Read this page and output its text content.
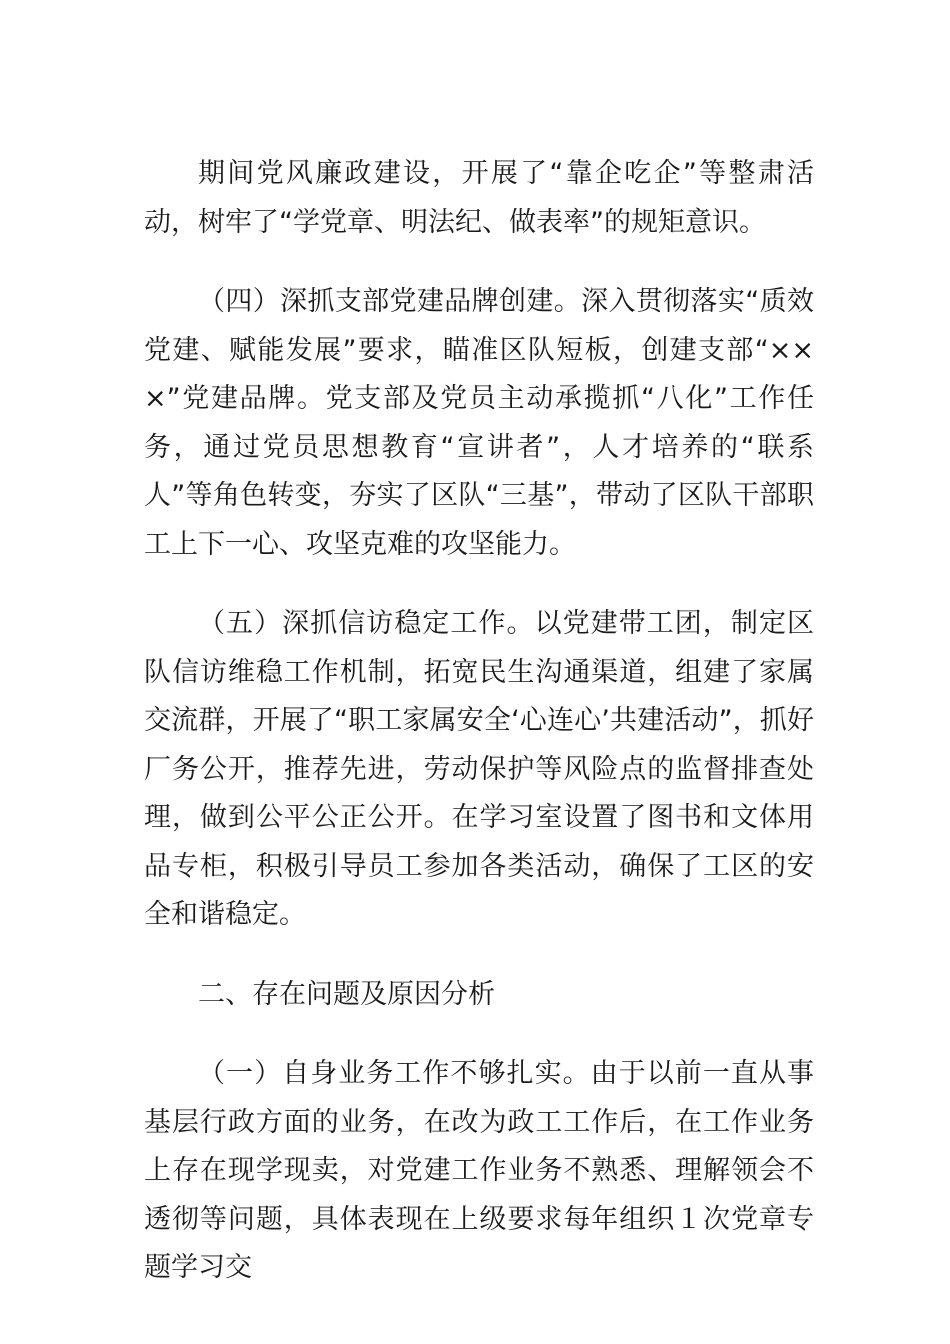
期间党风廉政建设，开展了“靠企吃企”等整肃活动，树牢了“学党章、明法纪、做表率”的规矩意识。

（四）深抓支部党建品牌创建。深入贯彻落实“质效党建、赋能发展”要求，瞄准区队短板，创建支部“×××”党建品牌。党支部及党员主动承揽抓“八化”工作任务，通过党员思想教育“宣讲者”，人才培养的“联系人”等角色转变，夯实了区队“三基”，带动了区队干部职工上下一心、攻坚克难的攻坚能力。

（五）深抓信访稳定工作。以党建带工团，制定区队信访维稳工作机制，拓宽民生沟通渠道，组建了家属交流群，开展了“职工家属安全‘心连心’共建活动”，抓好厂务公开，推荐先进，劳动保护等风险点的监督排查处理，做到公平公正公开。在学习室设置了图书和文体用品专柜，积极引导员工参加各类活动，确保了工区的安全和谐稳定。

二、存在问题及原因分析

（一）自身业务工作不够扎实。由于以前一直从事基层行政方面的业务，在改为政工工作后，在工作业务上存在现学现卖，对党建工作业务不熟悉、理解领会不透彻等问题，具体表现在上级要求每年组织１次党章专题学习交
